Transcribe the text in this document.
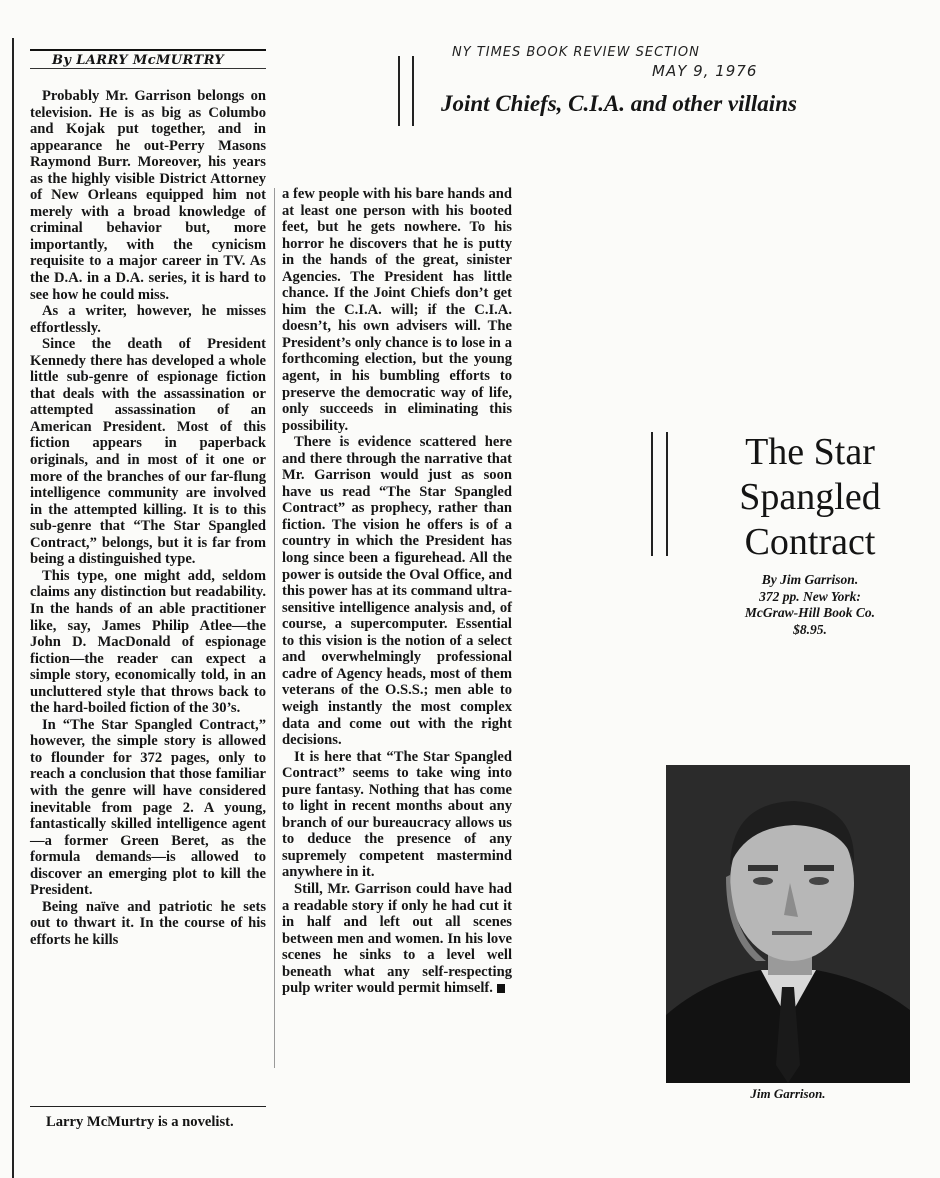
By LARRY McMURTRY

Probably Mr. Garrison belongs on television. He is as big as Columbo and Kojak put together, and in appearance he out-Perry Masons Raymond Burr. Moreover, his years as the highly visible District Attorney of New Orleans equipped him not merely with a broad knowledge of criminal behavior but, more importantly, with the cynicism requisite to a major career in TV. As the D.A. in a D.A. series, it is hard to see how he could miss.

As a writer, however, he misses effortlessly.

Since the death of President Kennedy there has developed a whole little sub-genre of espionage fiction that deals with the assassination or attempted assassination of an American President. Most of this fiction appears in paperback originals, and in most of it one or more of the branches of our far-flung intelligence community are involved in the attempted killing. It is to this sub-genre that “The Star Spangled Contract,” belongs, but it is far from being a distinguished type.

This type, one might add, seldom claims any distinction but readability. In the hands of an able practitioner like, say, James Philip Atlee—the John D. MacDonald of espionage fiction—the reader can expect a simple story, economically told, in an uncluttered style that throws back to the hard-boiled fiction of the 30’s.

In “The Star Spangled Contract,” however, the simple story is allowed to flounder for 372 pages, only to reach a conclusion that those familiar with the genre will have considered inevitable from page 2. A young, fantastically skilled intelligence agent—a former Green Beret, as the formula demands—is allowed to discover an emerging plot to kill the President.

Being naïve and patriotic he sets out to thwart it. In the course of his efforts he kills

a few people with his bare hands and at least one person with his booted feet, but he gets nowhere. To his horror he discovers that he is putty in the hands of the great, sinister Agencies. The President has little chance. If the Joint Chiefs don’t get him the C.I.A. will; if the C.I.A. doesn’t, his own advisers will. The President’s only chance is to lose in a forthcoming election, but the young agent, in his bumbling efforts to preserve the democratic way of life, only succeeds in eliminating this possibility.

There is evidence scattered here and there through the narrative that Mr. Garrison would just as soon have us read “The Star Spangled Contract” as prophecy, rather than fiction. The vision he offers is of a country in which the President has long since been a figurehead. All the power is outside the Oval Office, and this power has at its command ultra-sensitive intelligence analysis and, of course, a supercomputer. Essential to this vision is the notion of a select and overwhelmingly professional cadre of Agency heads, most of them veterans of the O.S.S.; men able to weigh instantly the most complex data and come out with the right decisions.

It is here that “The Star Spangled Contract” seems to take wing into pure fantasy. Nothing that has come to light in recent months about any branch of our bureaucracy allows us to deduce the presence of any supremely competent mastermind anywhere in it.

Still, Mr. Garrison could have had a readable story if only he had cut it in half and left out all scenes between men and women. In his love scenes he sinks to a level well beneath what any self-respecting pulp writer would permit himself.

NY TIMES BOOK REVIEW SECTION
MAY 9, 1976
Joint Chiefs, C.I.A. and other villains
The Star
Spangled
Contract
By Jim Garrison.
372 pp. New York:
McGraw-Hill Book Co.
$8.95.
Jim Garrison.
Larry McMurtry is a novelist.
